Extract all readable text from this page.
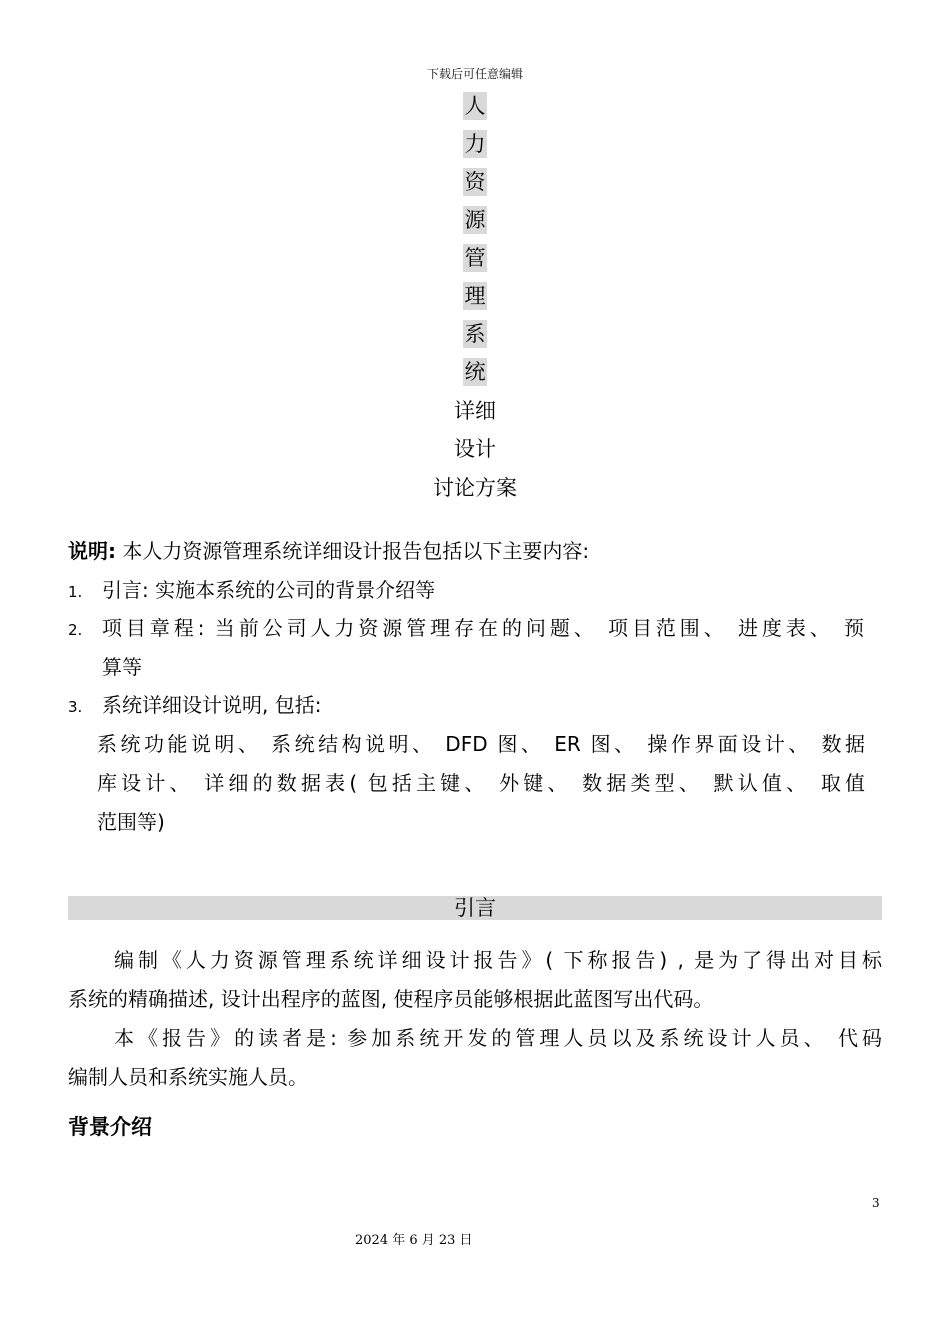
下载后可任意编辑
人
力
资
源
管
理
系
统
详细
设计
讨论方案
说明: 本人力资源管理系统详细设计报告包括以下主要内容:
1. 引言: 实施本系统的公司的背景介绍等
2. 项目章程: 当前公司人力资源管理存在的问题、 项目范围、 进度表、 预
算等
3. 系统详细设计说明, 包括:
系统功能说明、 系统结构说明、 DFD 图、 ER 图、 操作界面设计、 数据
库设计、 详细的数据表( 包括主键、 外键、 数据类型、 默认值、 取值
范围等)
引言
编制《人力资源管理系统详细设计报告》( 下称报告) , 是为了得出对目标
系统的精确描述, 设计出程序的蓝图, 使程序员能够根据此蓝图写出代码。
本《报告》的读者是: 参加系统开发的管理人员以及系统设计人员、 代码
编制人员和系统实施人员。
背景介绍
3
2024 年 6 月 23 日
